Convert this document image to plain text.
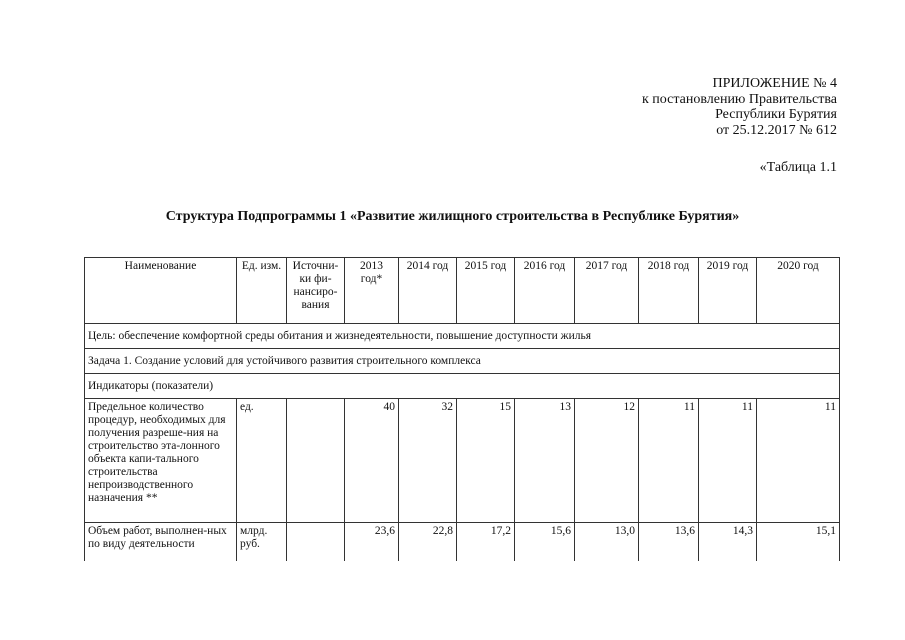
ПРИЛОЖЕНИЕ № 4
к постановлению Правительства
Республики Бурятия
от 25.12.2017 № 612
«Таблица 1.1
Структура Подпрограммы 1 «Развитие жилищного строительства в Республике Бурятия»
Наименование	Ед. изм.	Источни-ки фи-нансиро-вания	2013 год*	2014 год	2015 год	2016 год	2017 год	2018 год	2019 год	2020 год
Цель: обеспечение комфортной среды обитания и жизнедеятельности, повышение доступности жилья										
Задача 1. Создание условий для устойчивого развития строительного комплекса										
Индикаторы (показатели)										
Предельное количество процедур, необходимых для получения разреше-ния на строительство эта-лонного объекта капи-тального строительства непроизводственного назначения **	ед.		40	32	15	13	12	11	11	11
Объем работ, выполнен-ных по виду деятельности	млрд. руб.		23,6	22,8	17,2	15,6	13,0	13,6	14,3	15,1
